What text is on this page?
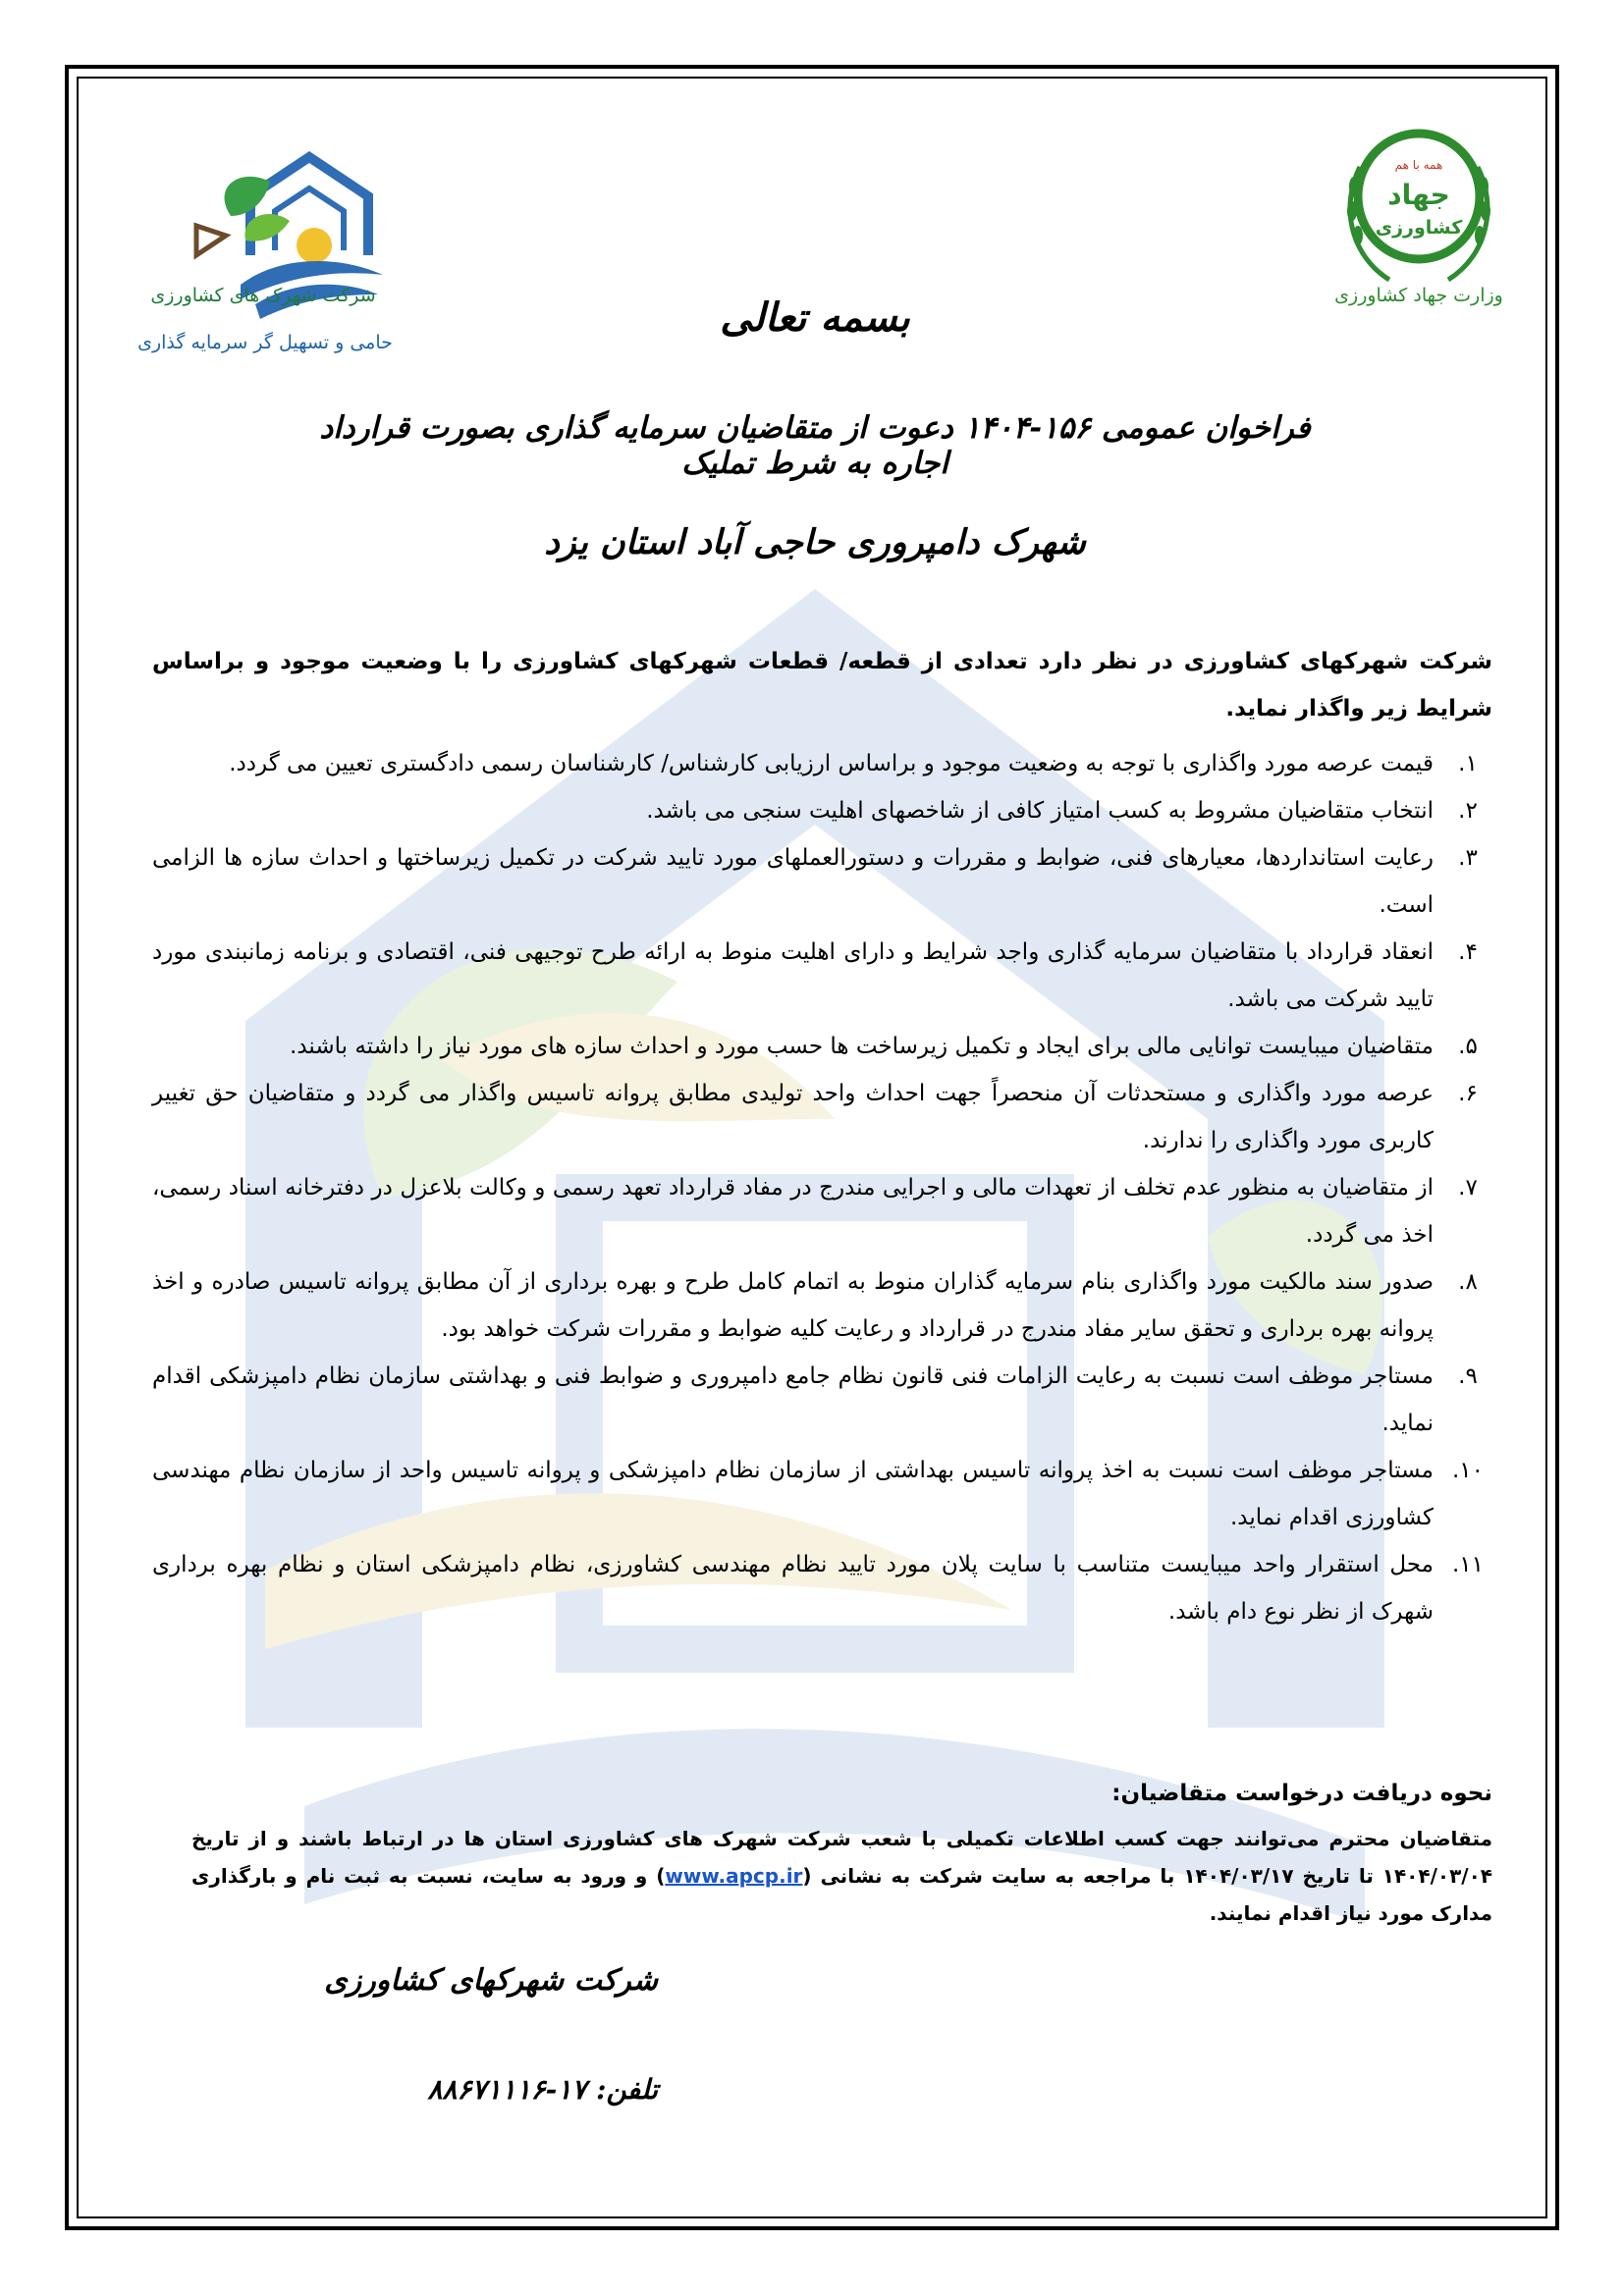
شرکت شهرک های کشاورزی
حامی و تسهیل گر سرمایه گذاری
همه با هم
جهاد
کشاورزی
وزارت جهاد کشاورزی
بسمه تعالی
فراخوان عمومی ۱۵۶-۱۴۰۴ دعوت از متقاضیان سرمایه گذاری بصورت قرارداد اجاره به شرط تملیک
شهرک دامپروری حاجی آباد استان یزد
شرکت شهرکهای کشاورزی در نظر دارد تعدادی از قطعه/ قطعات شهرکهای کشاورزی را با وضعیت موجود و براساس شرایط زیر واگذار نماید.
۱.
قیمت عرصه مورد واگذاری با توجه به وضعیت موجود و براساس ارزیابی کارشناس/ کارشناسان رسمی دادگستری تعیین می گردد.
۲.
انتخاب متقاضیان مشروط به کسب امتیاز کافی از شاخصهای اهلیت سنجی می باشد.
۳.
رعایت استانداردها، معیارهای فنی، ضوابط و مقررات و دستورالعملهای مورد تایید شرکت در تکمیل زیرساختها و احداث سازه ها الزامی است.
۴.
انعقاد قرارداد با متقاضیان سرمایه گذاری واجد شرایط و دارای اهلیت منوط به ارائه طرح توجیهی فنی، اقتصادی و برنامه زمانبندی مورد تایید شرکت می باشد.
۵.
متقاضیان میبایست توانایی مالی برای ایجاد و تکمیل زیرساخت ها حسب مورد و احداث سازه های مورد نیاز را داشته باشند.
۶.
عرصه مورد واگذاری و مستحدثات آن منحصراً جهت احداث واحد تولیدی مطابق پروانه تاسیس واگذار می گردد و متقاضیان حق تغییر کاربری مورد واگذاری را ندارند.
۷.
از متقاضیان به منظور عدم تخلف از تعهدات مالی و اجرایی مندرج در مفاد قرارداد تعهد رسمی و وکالت بلاعزل در دفترخانه اسناد رسمی، اخذ می گردد.
۸.
صدور سند مالکیت مورد واگذاری بنام سرمایه گذاران منوط به اتمام کامل طرح و بهره برداری از آن مطابق پروانه تاسیس صادره و اخذ پروانه بهره برداری و تحقق سایر مفاد مندرج در قرارداد و رعایت کلیه ضوابط و مقررات شرکت خواهد بود.
۹.
مستاجر موظف است نسبت به رعایت الزامات فنی قانون نظام جامع دامپروری و ضوابط فنی و بهداشتی سازمان نظام دامپزشکی اقدام نماید.
۱۰.
مستاجر موظف است نسبت به اخذ پروانه تاسیس بهداشتی از سازمان نظام دامپزشکی و پروانه تاسیس واحد از سازمان نظام مهندسی کشاورزی اقدام نماید.
۱۱.
محل استقرار واحد میبایست متناسب با سایت پلان مورد تایید نظام مهندسی کشاورزی، نظام دامپزشکی استان و نظام بهره برداری شهرک از نظر نوع دام باشد.
نحوه دریافت درخواست متقاضیان:
متقاضیان محترم می‌توانند جهت کسب اطلاعات تکمیلی با شعب شرکت شهرک های کشاورزی استان ها در ارتباط باشند و از تاریخ ۱۴۰۴/۰۳/۰۴ تا تاریخ ۱۴۰۴/۰۳/۱۷ با مراجعه به سایت شرکت به نشانی (www.apcp.ir) و ورود به سایت، نسبت به ثبت نام و بارگذاری مدارک مورد نیاز اقدام نمایند.
شرکت شهرکهای کشاورزی
تلفن: ۱۷-۸۸۶۷۱۱۱۶
